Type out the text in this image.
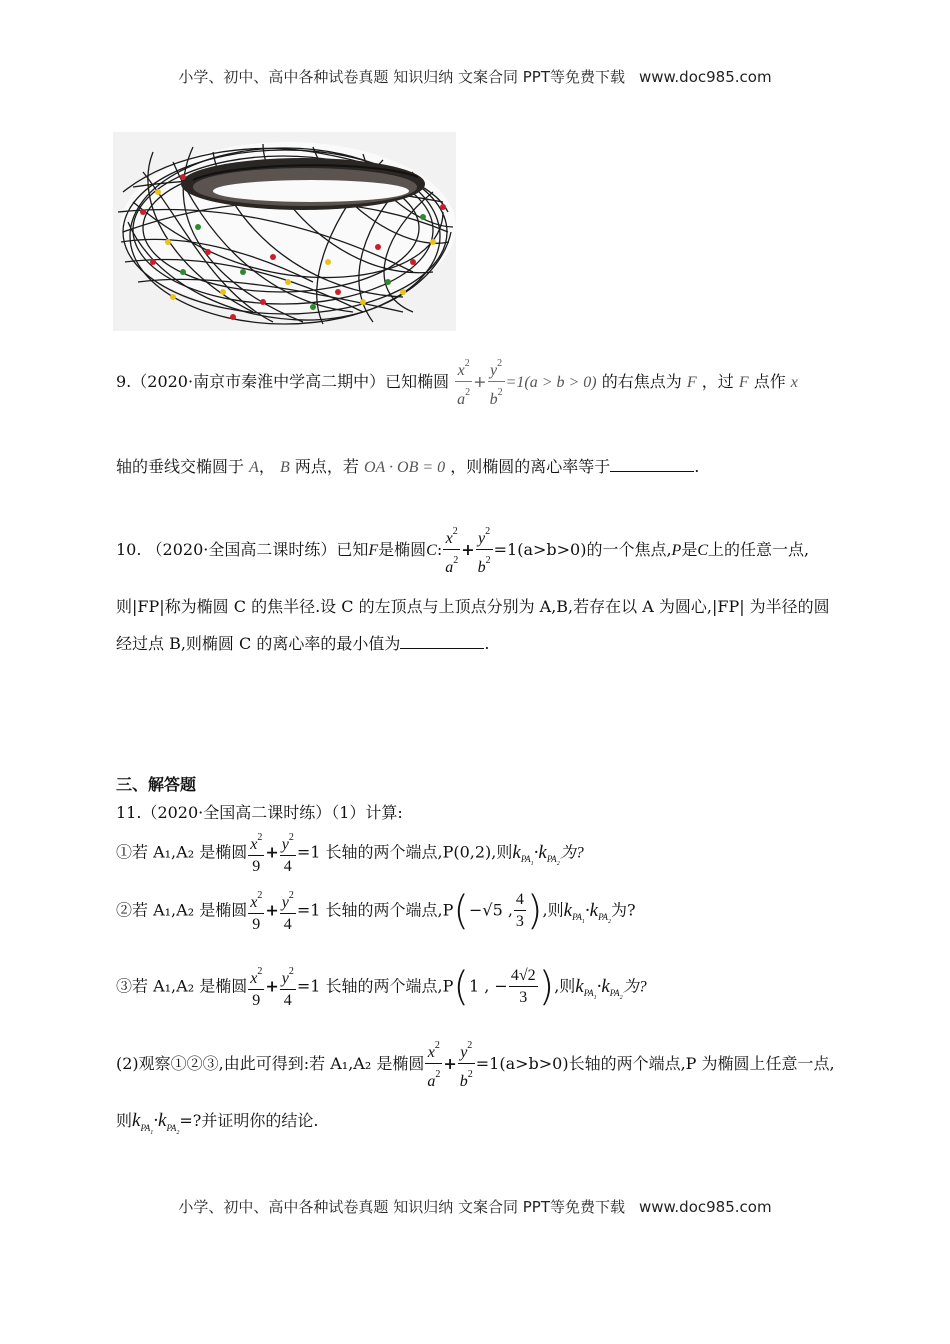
小学、初中、高中各种试卷真题 知识归纳 文案合同 PPT等免费下载 www.doc985.com
9.（2020·南京市秦淮中学高二期中）已知椭圆 $\frac{x^2}{a^2} + \frac{y^2}{b^2} =1(a > b > 0)$ 的右焦点为 F ，过 F 点作 x
轴的垂线交椭圆于 A， B 两点，若 OA · OB = 0 ，则椭圆的离心率等于	.
10. （2020·全国高二课时练）已知F是椭圆C: $\frac{x^2}{a^2} + \frac{y^2}{b^2} =1(a>b>0)$的一个焦点,P是C上的任意一点,
则|FP|称为椭圆 C 的焦半径.设 C 的左顶点与上顶点分别为 A,B,若存在以 A 为圆心,|FP| 为半径的圆
经过点 B,则椭圆 C 的离心率的最小值为	.
三、解答题
11.（2020·全国高二课时练）（1）计算:
①若 A₁,A₂ 是椭圆 $\frac{x^2}{9} + \frac{y^2}{4} =1$ 长轴的两个端点,P(0,2),则$k_{PA_1}\cdot k_{PA_2}$为?
②若 A₁,A₂ 是椭圆 $\frac{x^2}{9} + \frac{y^2}{4} =1$ 长轴的两个端点,P(−√5 , $\frac{4}{3}$ ),则$k_{PA_1}\cdot k_{PA_2}$为?
③若 A₁,A₂ 是椭圆 $\frac{x^2}{9} + \frac{y^2}{4} =1$ 长轴的两个端点,P(1 , − $\frac{4√2}{3}$ ),则$k_{PA_1}\cdot k_{PA_2}$为?
(2)观察①②③,由此可得到:若 A₁,A₂ 是椭圆 $\frac{x^2}{a^2} + \frac{y^2}{b^2} =1(a>b>0)$长轴的两个端点,P 为椭圆上任意一点,
则$k_{PA_1}\cdot k_{PA_2}=$?并证明你的结论.
小学、初中、高中各种试卷真题 知识归纳 文案合同 PPT等免费下载 www.doc985.com
